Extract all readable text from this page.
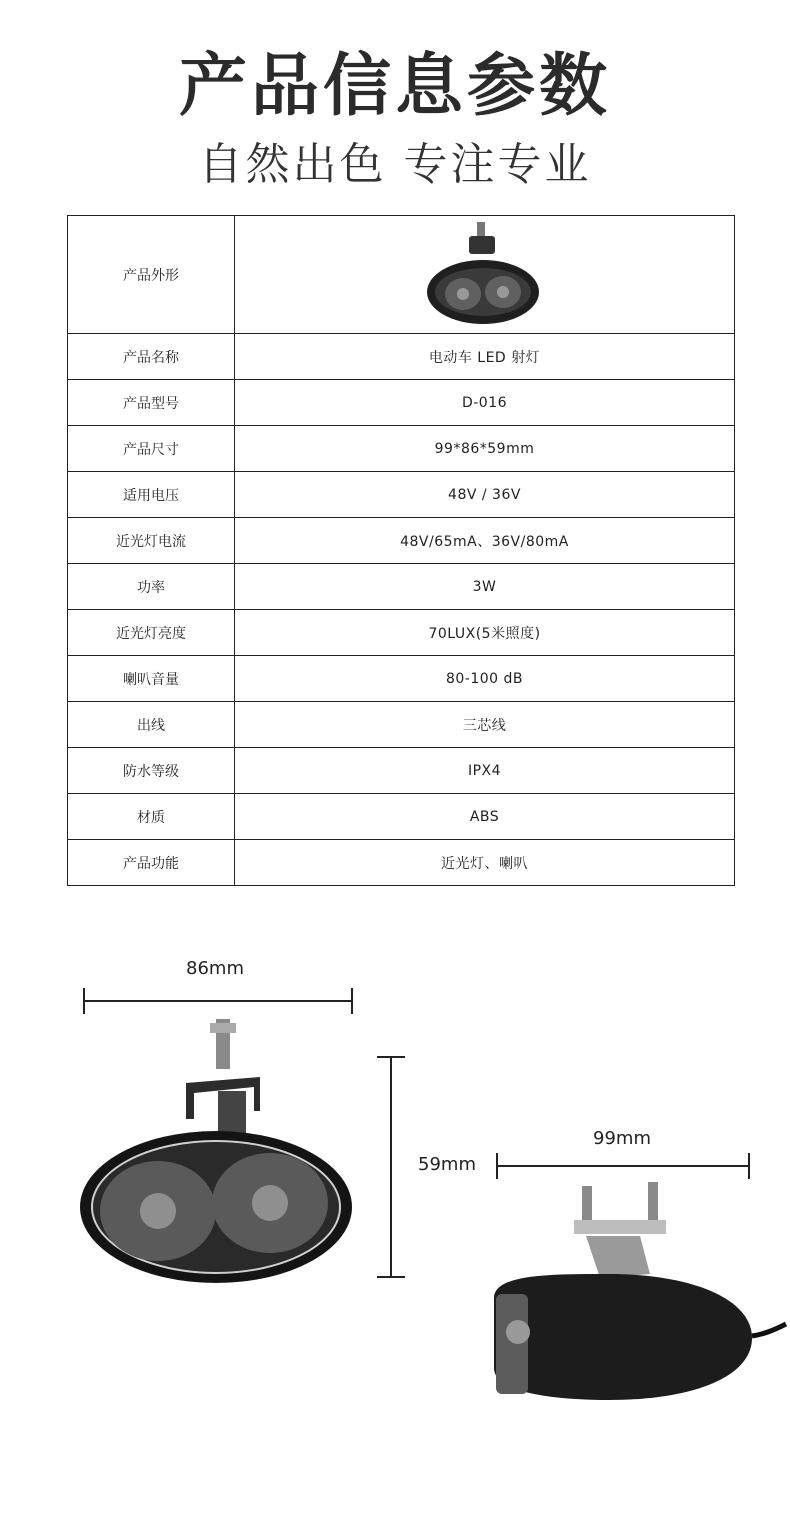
产品信息参数
自然出色 专注专业
产品外形	
产品名称	电动车 LED 射灯
产品型号	D-016
产品尺寸	99*86*59mm
适用电压	48V / 36V
近光灯电流	48V/65mA、36V/80mA
功率	3W
近光灯亮度	70LUX(5米照度)
喇叭音量	80-100 dB
出线	三芯线
防水等级	IPX4
材质	ABS
产品功能	近光灯、喇叭
86mm
59mm
99mm
